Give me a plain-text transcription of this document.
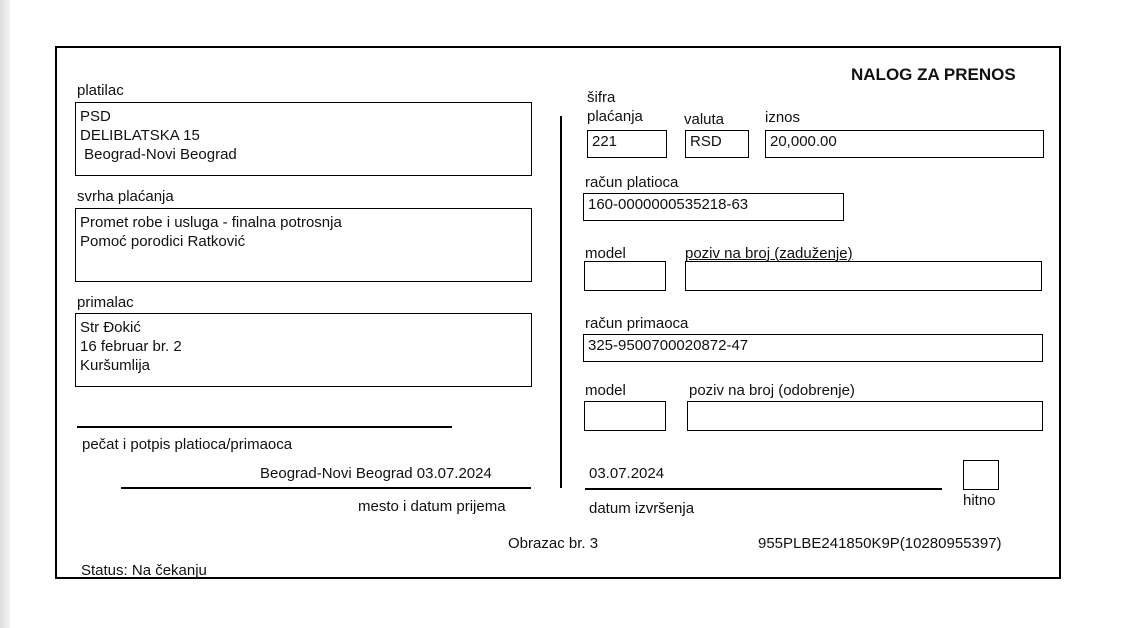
NALOG ZA PRENOS
platilac
PSD
DELIBLATSKA 15
Beograd-Novi Beograd
svrha plaćanja
Promet robe i usluga - finalna potrosnja
Pomoć porodici Ratković
primalac
Str Đokić
16 februar br. 2
Kuršumlija
pečat i potpis platioca/primaoca
Beograd-Novi Beograd 03.07.2024
mesto i datum prijema
šifra
plaćanja
221
valuta
RSD
iznos
20,000.00
račun platioca
160-0000000535218-63
model	poziv na broj (zaduženje)
račun primaoca
325-9500700020872-47
model	poziv na broj (odobrenje)
03.07.2024
datum izvršenja	hitno
Obrazac br. 3	955PLBE241850K9P(10280955397)
Status: Na čekanju
